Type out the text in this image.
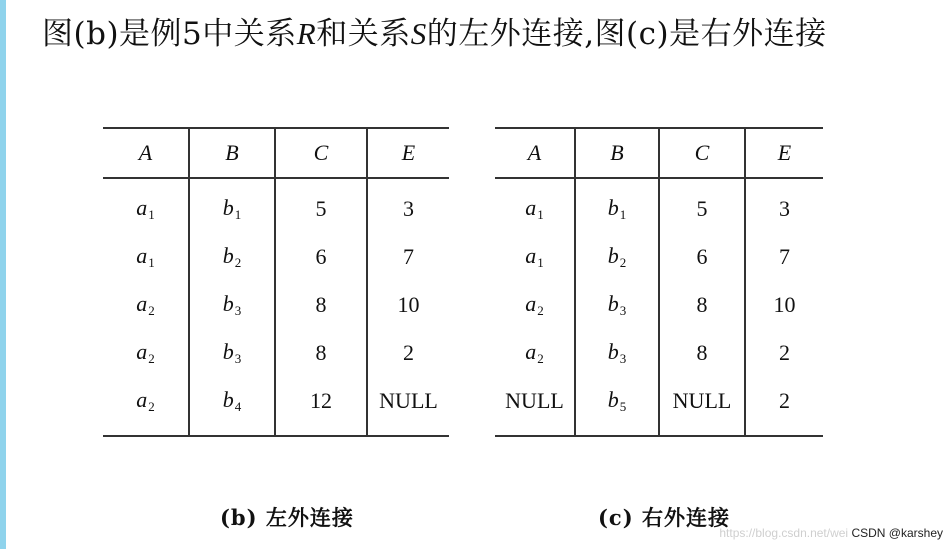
图(b)是例5中关系R和关系S的左外连接,图(c)是右外连接
A	B	C	E
$a_1$	$b_1$	5	3
$a_1$	$b_2$	6	7
$a_2$	$b_3$	8	10
$a_2$	$b_3$	8	2
$a_2$	$b_4$	12	NULL
A	B	C	E
$a_1$	$b_1$	5	3
$a_1$	$b_2$	6	7
$a_2$	$b_3$	8	10
$a_2$	$b_3$	8	2
NULL	$b_5$	NULL	2
(b) 左外连接	(c) 右外连接
https://blog.csdn.net/wei CSDN @karshey
